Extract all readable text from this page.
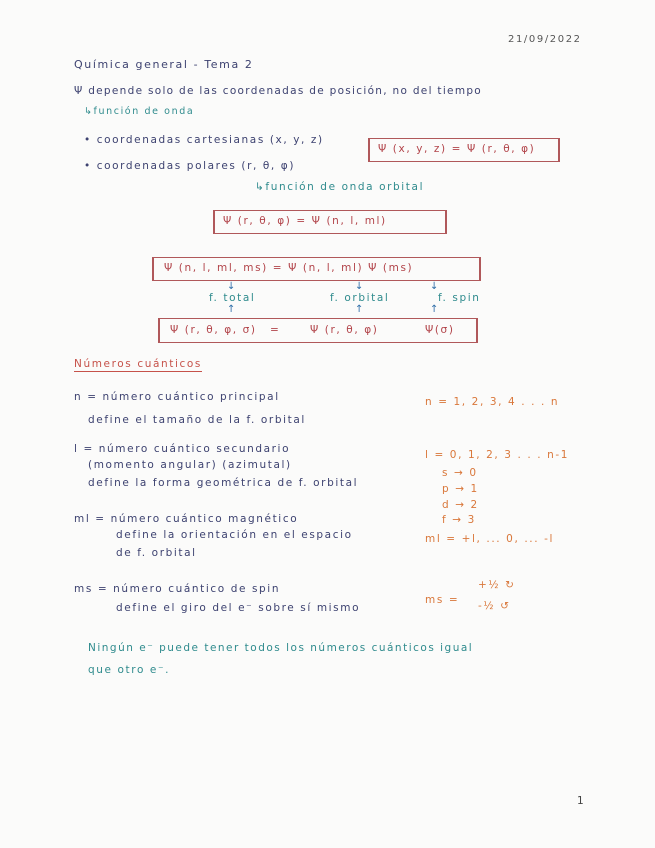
21/09/2022
Química general - Tema 2
Ψ depende solo de las coordenadas de posición, no del tiempo
↳función de onda
• coordenadas cartesianas (x, y, z)
Ψ (x, y, z) = Ψ (r, θ, φ)
• coordenadas polares (r, θ, φ)
↳función de onda orbital
Ψ (r, θ, φ) = Ψ (n, l, ml)
Ψ (n, l, ml, ms) = Ψ (n, l, ml) Ψ (ms)
↓	↓	↓
f. total	f. orbital	f. spin
↑	↑	↑
Ψ (r, θ, φ, σ) =	Ψ (r, θ, φ)	Ψ(σ)
Números cuánticos
n = número cuántico principal
define el tamaño de la f. orbital
n = 1, 2, 3, 4 . . . n
l = número cuántico secundario
(momento angular) (azimutal)
define la forma geométrica de f. orbital
l = 0, 1, 2, 3 . . . n-1
s → 0
p → 1
d → 2
f → 3
ml = número cuántico magnético
define la orientación en el espacio
de f. orbital
ml = +l, ... 0, ... -l
ms = número cuántico de spin
define el giro del e⁻ sobre sí mismo
ms =
+½ ↻
-½ ↺
Ningún e⁻ puede tener todos los números cuánticos igual
que otro e⁻.
1
